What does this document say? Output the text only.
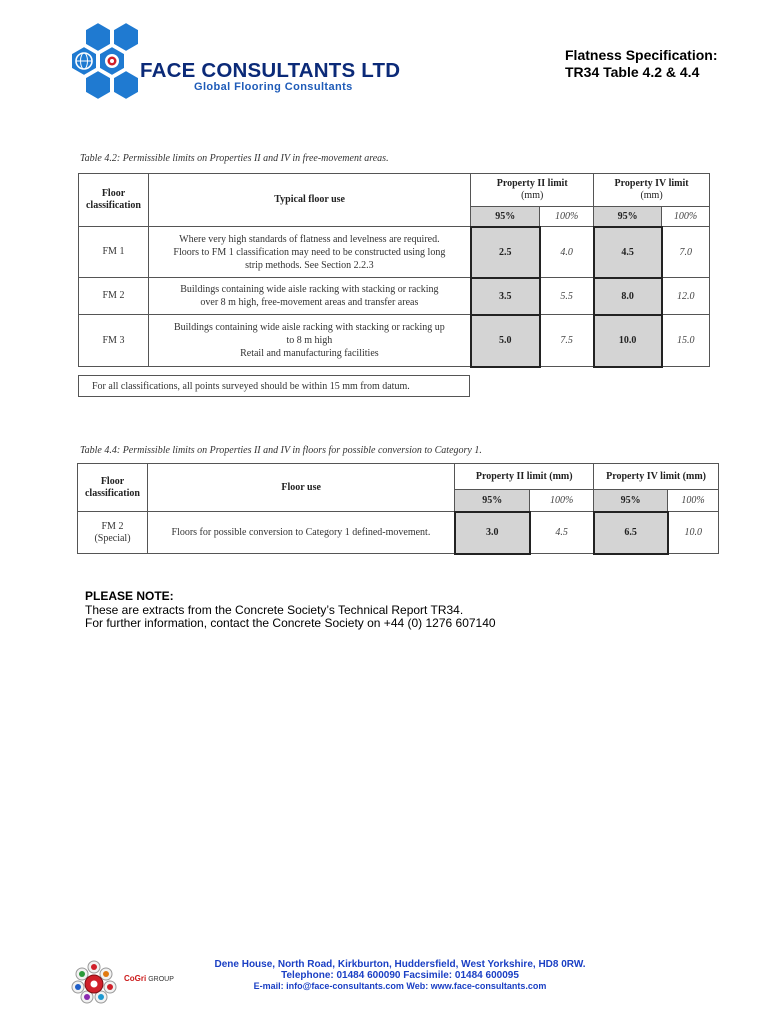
FACE CONSULTANTS LTD
Global Flooring Consultants
Flatness Specification:
TR34 Table 4.2 & 4.4
Table 4.2: Permissible limits on Properties II and IV in free-movement areas.
Floor
classification	Typical floor use	Property II limit
(mm)		Property IV limit
(mm)	
		95%	100%	95%	100%
FM 1	Where very high standards of flatness and levelness are required.
Floors to FM 1 classification may need to be constructed using long
strip methods. See Section 2.2.3	2.5	4.0	4.5	7.0
FM 2	Buildings containing wide aisle racking with stacking or racking
over 8 m high, free-movement areas and transfer areas	3.5	5.5	8.0	12.0
FM 3	Buildings containing wide aisle racking with stacking or racking up
to 8 m high
Retail and manufacturing facilities	5.0	7.5	10.0	15.0
For all classifications, all points surveyed should be within 15 mm from datum.
Table 4.4: Permissible limits on Properties II and IV in floors for possible conversion to Category 1.
Floor
classification	Floor use	Property II limit (mm)		Property IV limit (mm)	
		95%	100%	95%	100%
FM 2
(Special)	Floors for possible conversion to Category 1 defined-movement.	3.0	4.5	6.5	10.0
PLEASE NOTE:
These are extracts from the Concrete Society’s Technical Report TR34.
For further information, contact the Concrete Society on +44 (0) 1276 607140
CoGri GROUP
Dene House, North Road, Kirkburton, Huddersfield, West Yorkshire, HD8 0RW.
Telephone: 01484 600090 Facsimile: 01484 600095
E-mail: info@face-consultants.com Web: www.face-consultants.com
